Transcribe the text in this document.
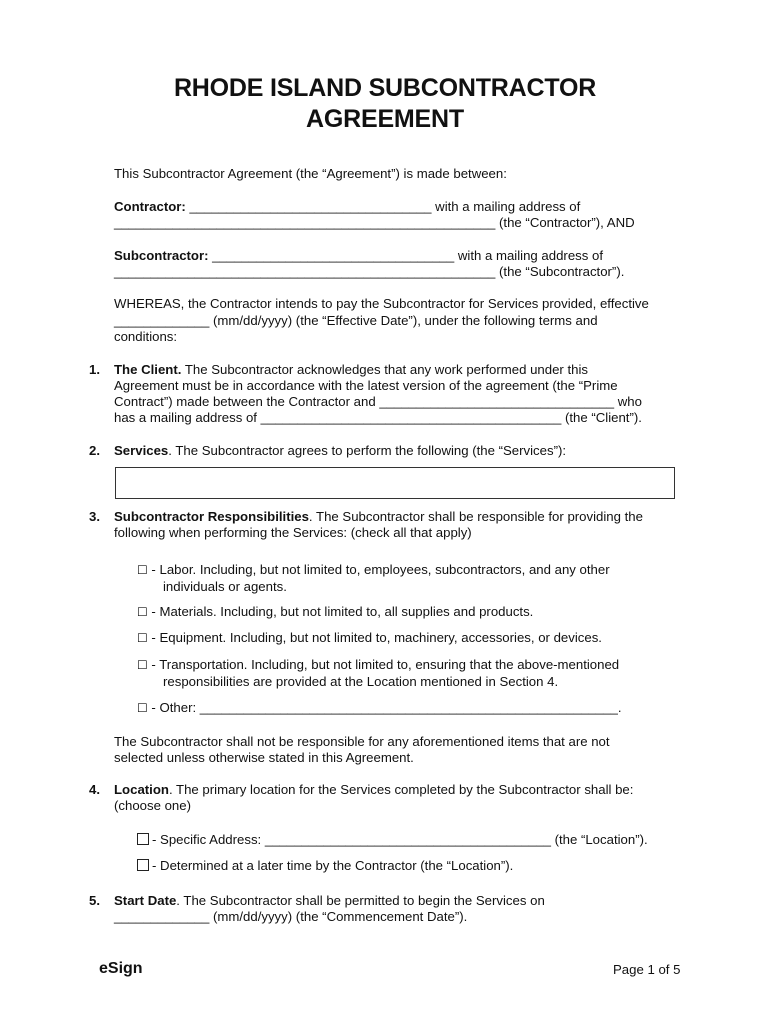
RHODE ISLAND SUBCONTRACTOR
AGREEMENT
This Subcontractor Agreement (the “Agreement”) is made between:
Contractor: _________________________________ with a mailing address of
____________________________________________________ (the “Contractor”), AND
Subcontractor: _________________________________ with a mailing address of
____________________________________________________ (the “Subcontractor”).
WHEREAS, the Contractor intends to pay the Subcontractor for Services provided, effective
_____________ (mm/dd/yyyy) (the “Effective Date”), under the following terms and
conditions:
1. The Client. The Subcontractor acknowledges that any work performed under this
Agreement must be in accordance with the latest version of the agreement (the “Prime
Contract”) made between the Contractor and ________________________________ who
has a mailing address of _________________________________________ (the “Client”).
2. Services. The Subcontractor agrees to perform the following (the “Services”):
3. Subcontractor Responsibilities. The Subcontractor shall be responsible for providing the
following when performing the Services: (check all that apply)
☐ - Labor. Including, but not limited to, employees, subcontractors, and any other
individuals or agents.
☐ - Materials. Including, but not limited to, all supplies and products.
☐ - Equipment. Including, but not limited to, machinery, accessories, or devices.
☐ - Transportation. Including, but not limited to, ensuring that the above-mentioned
responsibilities are provided at the Location mentioned in Section 4.
☐ - Other: _________________________________________________________.
The Subcontractor shall not be responsible for any aforementioned items that are not
selected unless otherwise stated in this Agreement.
4. Location. The primary location for the Services completed by the Subcontractor shall be:
(choose one)
- Specific Address: _______________________________________ (the “Location”).
- Determined at a later time by the Contractor (the “Location”).
5. Start Date. The Subcontractor shall be permitted to begin the Services on
_____________ (mm/dd/yyyy) (the “Commencement Date”).
eSign	Page 1 of 5
